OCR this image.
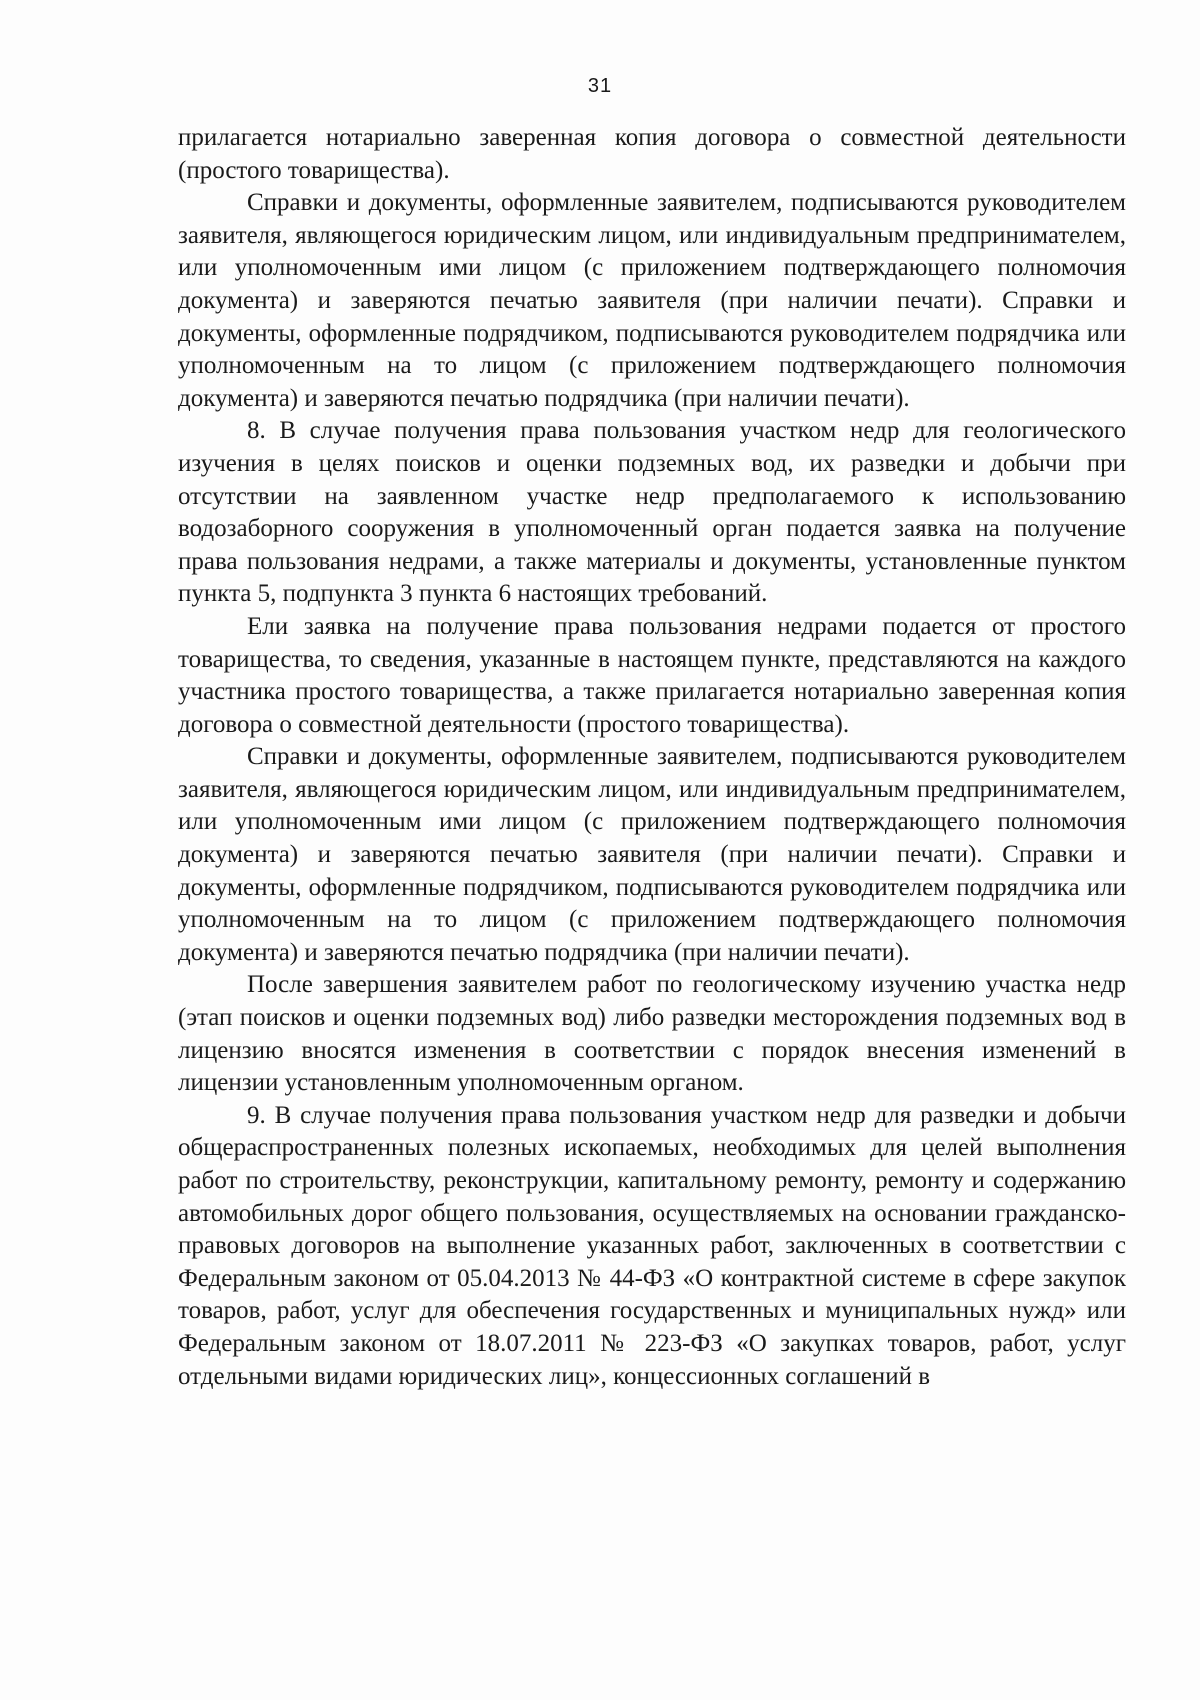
31

прилагается нотариально заверенная копия договора о совместной деятельности (простого товарищества).

Справки и документы, оформленные заявителем, подписываются руководителем заявителя, являющегося юридическим лицом, или индивидуальным предпринимателем, или уполномоченным ими лицом (с приложением подтверждающего полномочия документа) и заверяются печатью заявителя (при наличии печати). Справки и документы, оформленные подрядчиком, подписываются руководителем подрядчика или уполномоченным на то лицом (с приложением подтверждающего полномочия документа) и заверяются печатью подрядчика (при наличии печати).

8. В случае получения права пользования участком недр для геологического изучения в целях поисков и оценки подземных вод, их разведки и добычи при отсутствии на заявленном участке недр предполагаемого к использованию водозаборного сооружения в уполномоченный орган подается заявка на получение права пользования недрами, а также материалы и документы, установленные пунктом пункта 5, подпункта 3 пункта 6 настоящих требований.

Ели заявка на получение права пользования недрами подается от простого товарищества, то сведения, указанные в настоящем пункте, представляются на каждого участника простого товарищества, а также прилагается нотариально заверенная копия договора о совместной деятельности (простого товарищества).

Справки и документы, оформленные заявителем, подписываются руководителем заявителя, являющегося юридическим лицом, или индивидуальным предпринимателем, или уполномоченным ими лицом (с приложением подтверждающего полномочия документа) и заверяются печатью заявителя (при наличии печати). Справки и документы, оформленные подрядчиком, подписываются руководителем подрядчика или уполномоченным на то лицом (с приложением подтверждающего полномочия документа) и заверяются печатью подрядчика (при наличии печати).

После завершения заявителем работ по геологическому изучению участка недр (этап поисков и оценки подземных вод) либо разведки месторождения подземных вод в лицензию вносятся изменения в соответствии с порядок внесения изменений в лицензии установленным уполномоченным органом.

9. В случае получения права пользования участком недр для разведки и добычи общераспространенных полезных ископаемых, необходимых для целей выполнения работ по строительству, реконструкции, капитальному ремонту, ремонту и содержанию автомобильных дорог общего пользования, осуществляемых на основании гражданско-правовых договоров на выполнение указанных работ, заключенных в соответствии с Федеральным законом от 05.04.2013 № 44-ФЗ «О контрактной системе в сфере закупок товаров, работ, услуг для обеспечения государственных и муниципальных нужд» или Федеральным законом от 18.07.2011 № 223-ФЗ «О закупках товаров, работ, услуг отдельными видами юридических лиц», концессионных соглашений в
